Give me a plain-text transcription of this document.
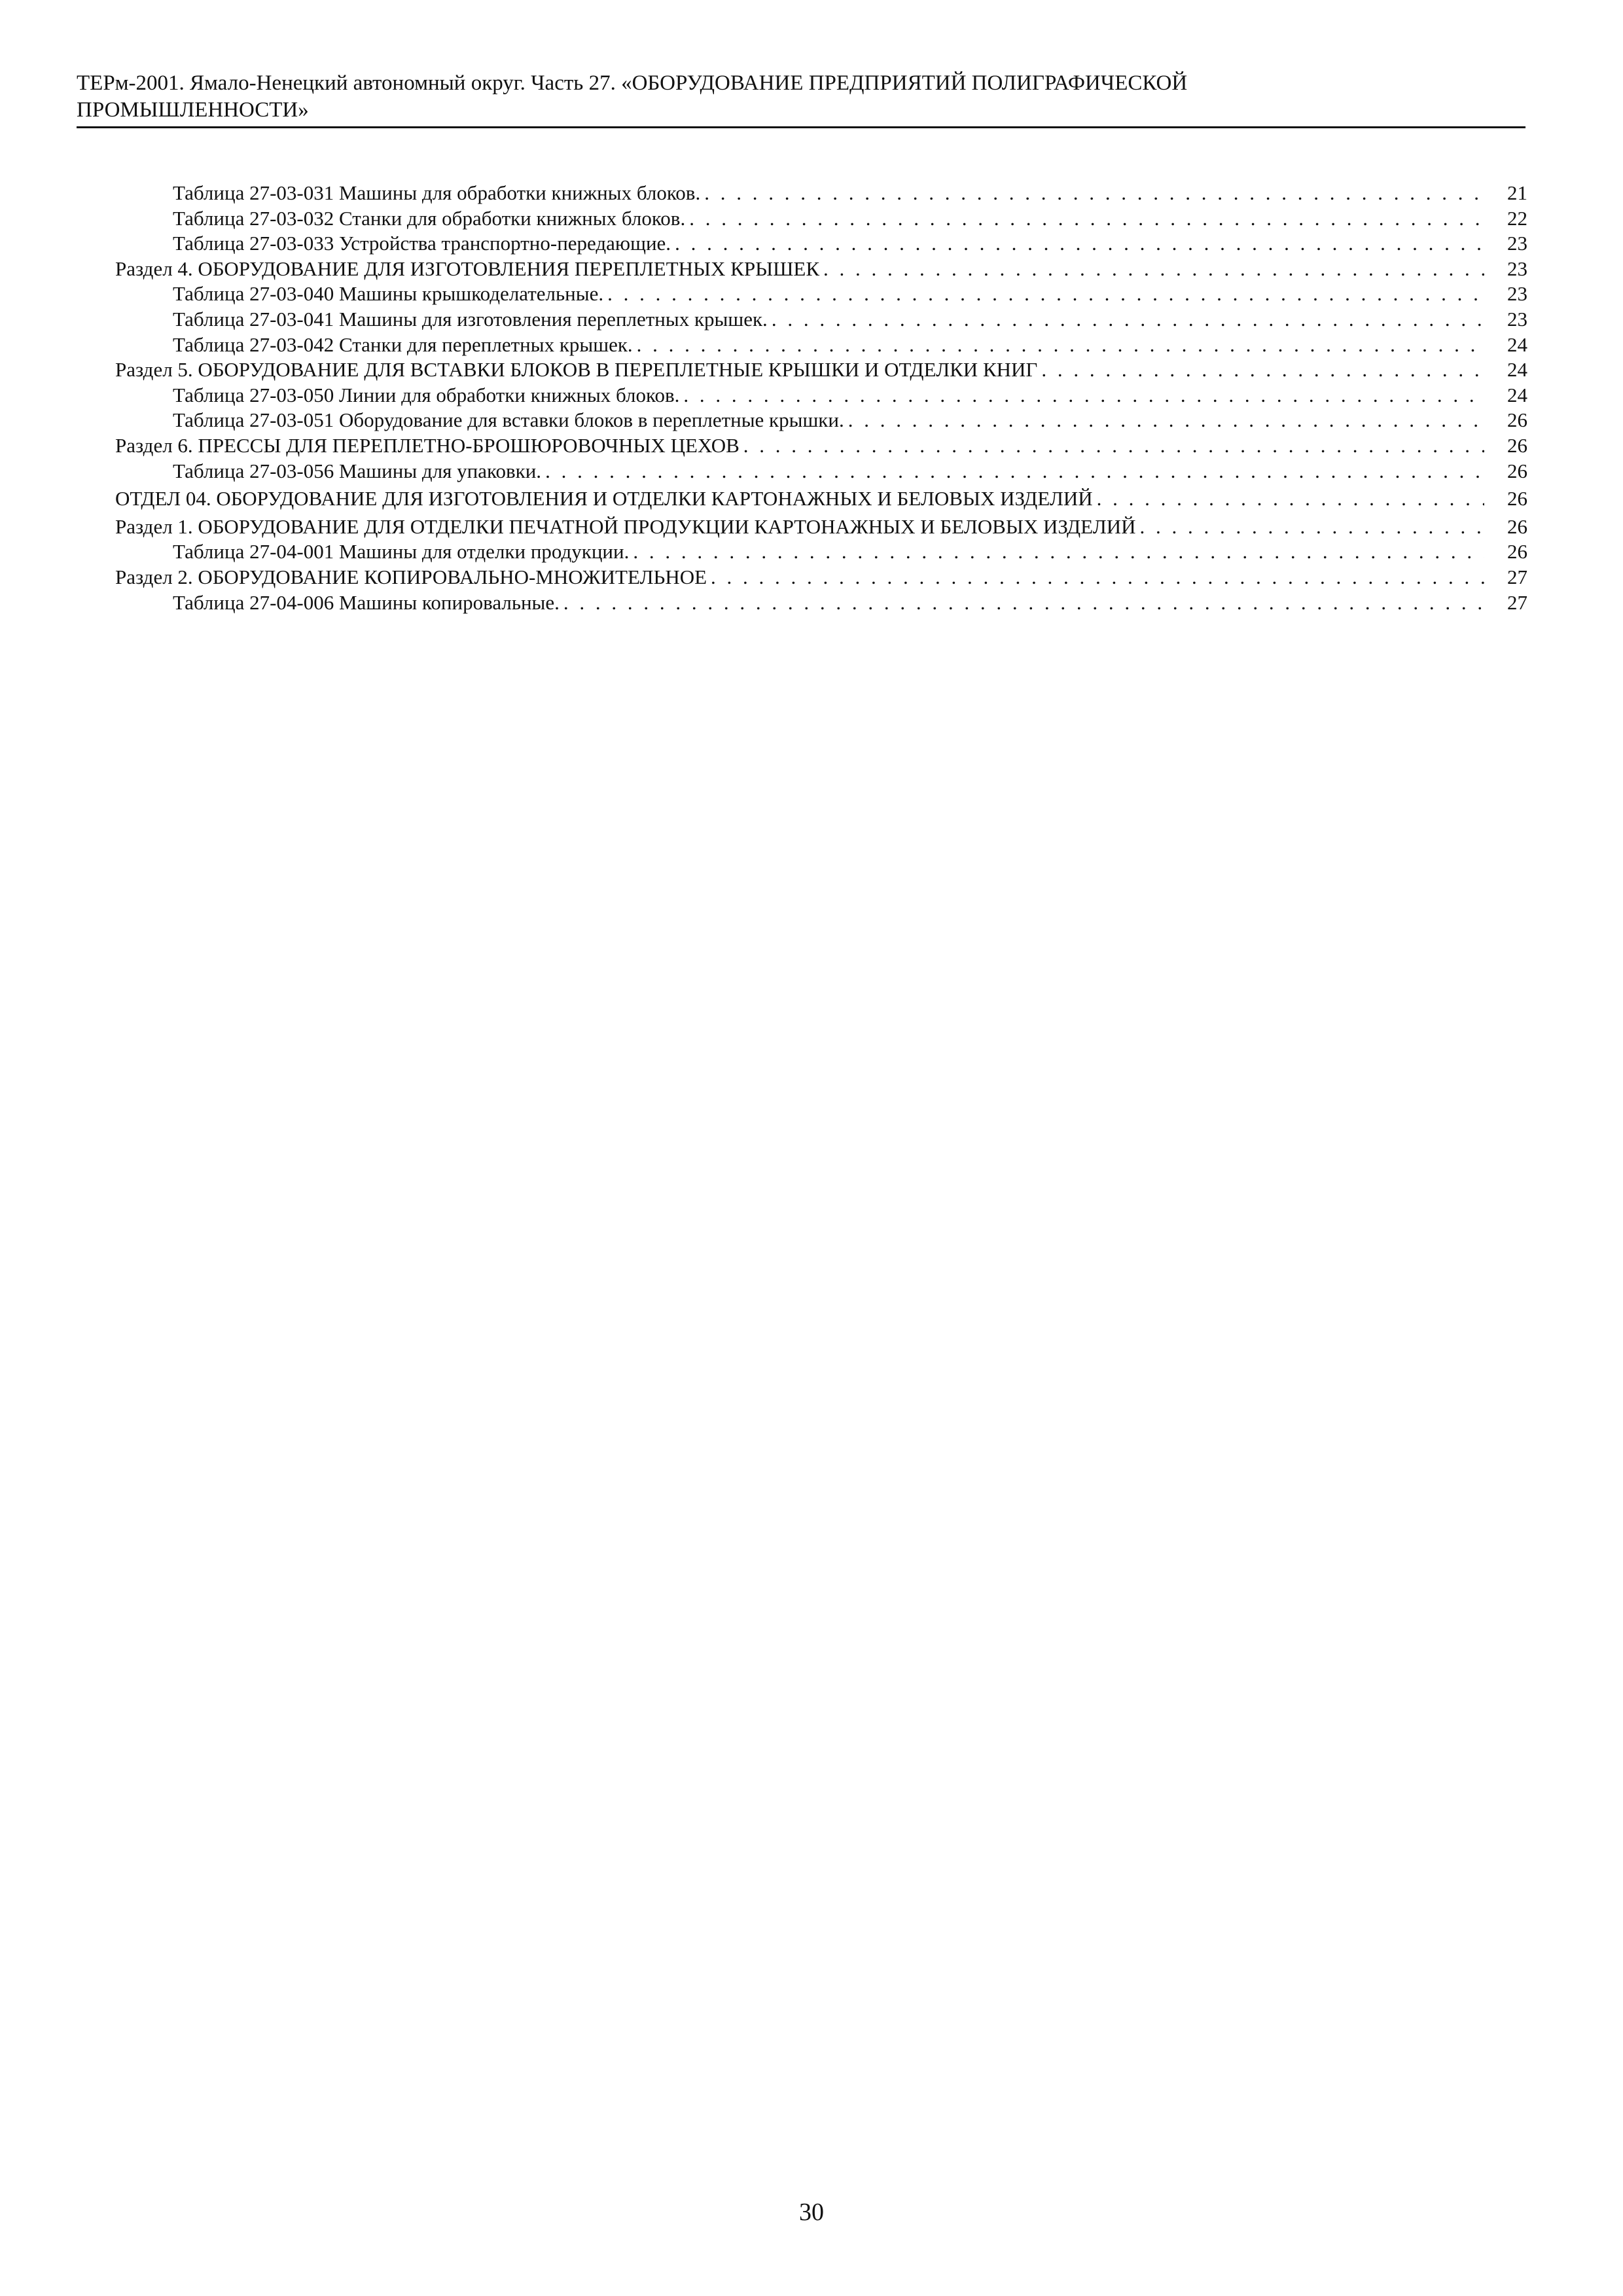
ТЕРм-2001. Ямало-Ненецкий автономный округ. Часть 27. «ОБОРУДОВАНИЕ ПРЕДПРИЯТИЙ ПОЛИГРАФИЧЕСКОЙ
ПРОМЫШЛЕННОСТИ»
Таблица 27-03-031 Машины для обработки книжных блоков. . . .	21
Таблица 27-03-032 Станки для обработки книжных блоков. . . .	22
Таблица 27-03-033 Устройства транспортно-передающие. . . .	23
Раздел 4. ОБОРУДОВАНИЕ ДЛЯ ИЗГОТОВЛЕНИЯ ПЕРЕПЛЕТНЫХ КРЫШЕК . . .	23
Таблица 27-03-040 Машины крышкоделательные. . . .	23
Таблица 27-03-041 Машины для изготовления переплетных крышек. . . .	23
Таблица 27-03-042 Станки для переплетных крышек. . . .	24
Раздел 5. ОБОРУДОВАНИЕ ДЛЯ ВСТАВКИ БЛОКОВ В ПЕРЕПЛЕТНЫЕ КРЫШКИ И ОТДЕЛКИ КНИГ . . .	24
Таблица 27-03-050 Линии для обработки книжных блоков. . . .	24
Таблица 27-03-051 Оборудование для вставки блоков в переплетные крышки. . . .	26
Раздел 6. ПРЕССЫ ДЛЯ ПЕРЕПЛЕТНО-БРОШЮРОВОЧНЫХ ЦЕХОВ . . .	26
Таблица 27-03-056 Машины для упаковки. . . .	26
ОТДЕЛ 04. ОБОРУДОВАНИЕ ДЛЯ ИЗГОТОВЛЕНИЯ И ОТДЕЛКИ КАРТОНАЖНЫХ И БЕЛОВЫХ ИЗДЕЛИЙ . . .	26
Раздел 1. ОБОРУДОВАНИЕ ДЛЯ ОТДЕЛКИ ПЕЧАТНОЙ ПРОДУКЦИИ КАРТОНАЖНЫХ И БЕЛОВЫХ ИЗДЕЛИЙ . . .	26
Таблица 27-04-001 Машины для отделки продукции. . . .	26
Раздел 2. ОБОРУДОВАНИЕ КОПИРОВАЛЬНО-МНОЖИТЕЛЬНОЕ . . .	27
Таблица 27-04-006 Машины копировальные. . . .	27
30
